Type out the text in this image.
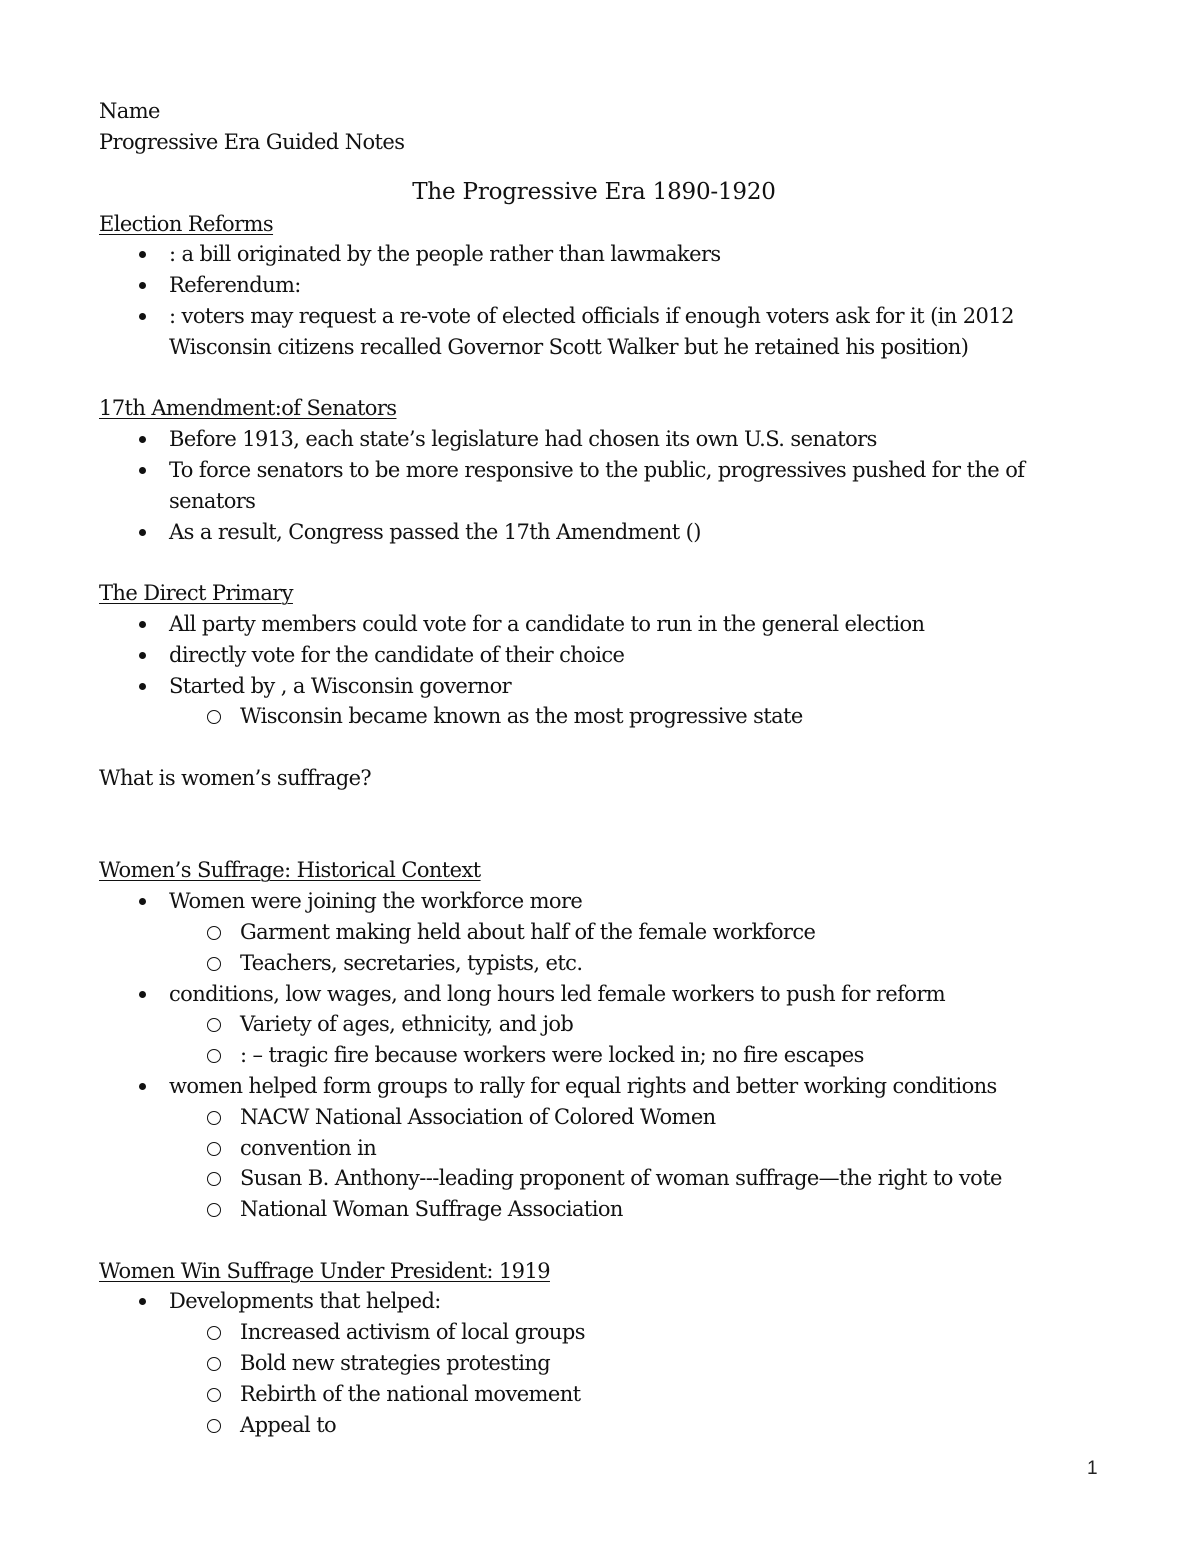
Name

Progressive Era Guided Notes

The Progressive Era 1890-1920

Election Reforms

: a bill originated by the people rather than lawmakers
Referendum:
: voters may request a re-vote of elected officials if enough voters ask for it (in 2012 Wisconsin citizens recalled Governor Scott Walker but he retained his position)

17th Amendment:of Senators

Before 1913, each state’s legislature had chosen its own U.S. senators
To force senators to be more responsive to the public, progressives pushed for the of senators
As a result, Congress passed the 17th Amendment ()

The Direct Primary

All party members could vote for a candidate to run in the general election
directly vote for the candidate of their choice
Started by , a Wisconsin governor
Wisconsin became known as the most progressive state

What is women’s suffrage?

Women’s Suffrage: Historical Context

Women were joining the workforce more
Garment making held about half of the female workforce
Teachers, secretaries, typists, etc.
conditions, low wages, and long hours led female workers to push for reform
Variety of ages, ethnicity, and job
: – tragic fire because workers were locked in; no fire escapes
women helped form groups to rally for equal rights and better working conditions
NACW National Association of Colored Women
convention in
Susan B. Anthony---leading proponent of woman suffrage—the right to vote
National Woman Suffrage Association

Women Win Suffrage Under President: 1919

Developments that helped:
Increased activism of local groups
Bold new strategies protesting
Rebirth of the national movement
Appeal to
1
